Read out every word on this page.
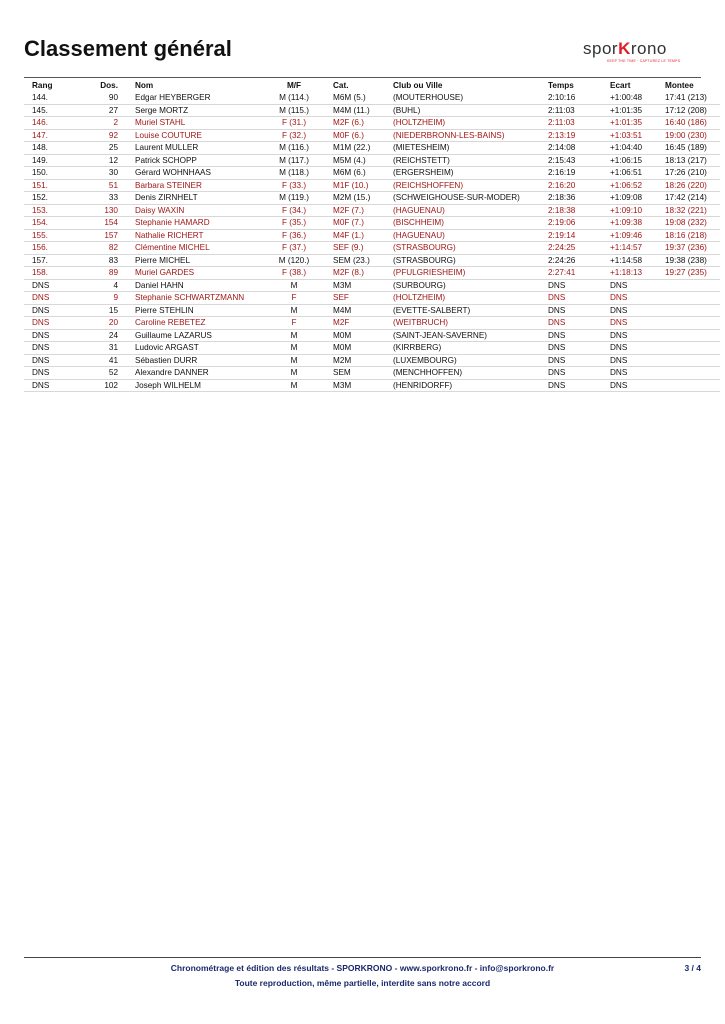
Classement général	sporKrono
KEEP THE TIME · CAPTUREZ LE TEMPS
Rang	Dos.	Nom	M/F	Cat.	Club ou Ville	Temps	Ecart	Montee
144.	90	Edgar HEYBERGER	M (114.)	M6M (5.)	(MOUTERHOUSE)	2:10:16	+1:00:48	17:41 (213)
145.	27	Serge MORTZ	M (115.)	M4M (11.)	(BUHL)	2:11:03	+1:01:35	17:12 (208)
146.	2	Muriel STAHL	F (31.)	M2F (6.)	(HOLTZHEIM)	2:11:03	+1:01:35	16:40 (186)
147.	92	Louise COUTURE	F (32.)	M0F (6.)	(NIEDERBRONN-LES-BAINS)	2:13:19	+1:03:51	19:00 (230)
148.	25	Laurent MULLER	M (116.)	M1M (22.)	(MIETESHEIM)	2:14:08	+1:04:40	16:45 (189)
149.	12	Patrick SCHOPP	M (117.)	M5M (4.)	(REICHSTETT)	2:15:43	+1:06:15	18:13 (217)
150.	30	Gérard WOHNHAAS	M (118.)	M6M (6.)	(ERGERSHEIM)	2:16:19	+1:06:51	17:26 (210)
151.	51	Barbara STEINER	F (33.)	M1F (10.)	(REICHSHOFFEN)	2:16:20	+1:06:52	18:26 (220)
152.	33	Denis ZIRNHELT	M (119.)	M2M (15.)	(SCHWEIGHOUSE-SUR-MODER)	2:18:36	+1:09:08	17:42 (214)
153.	130	Daisy WAXIN	F (34.)	M2F (7.)	(HAGUENAU)	2:18:38	+1:09:10	18:32 (221)
154.	154	Stephanie HAMARD	F (35.)	M0F (7.)	(BISCHHEIM)	2:19:06	+1:09:38	19:08 (232)
155.	157	Nathalie RICHERT	F (36.)	M4F (1.)	(HAGUENAU)	2:19:14	+1:09:46	18:16 (218)
156.	82	Clémentine MICHEL	F (37.)	SEF (9.)	(STRASBOURG)	2:24:25	+1:14:57	19:37 (236)
157.	83	Pierre MICHEL	M (120.)	SEM (23.)	(STRASBOURG)	2:24:26	+1:14:58	19:38 (238)
158.	89	Muriel GARDES	F (38.)	M2F (8.)	(PFULGRIESHEIM)	2:27:41	+1:18:13	19:27 (235)
DNS	4	Daniel HAHN	M	M3M	(SURBOURG)	DNS	DNS	
DNS	9	Stephanie SCHWARTZMANN	F	SEF	(HOLTZHEIM)	DNS	DNS	
DNS	15	Pierre STEHLIN	M	M4M	(EVETTE-SALBERT)	DNS	DNS	
DNS	20	Caroline REBETEZ	F	M2F	(WEITBRUCH)	DNS	DNS	
DNS	24	Guillaume LAZARUS	M	M0M	(SAINT-JEAN-SAVERNE)	DNS	DNS	
DNS	31	Ludovic ARGAST	M	M0M	(KIRRBERG)	DNS	DNS	
DNS	41	Sébastien DURR	M	M2M	(LUXEMBOURG)	DNS	DNS	
DNS	52	Alexandre DANNER	M	SEM	(MENCHHOFFEN)	DNS	DNS	
DNS	102	Joseph WILHELM	M	M3M	(HENRIDORFF)	DNS	DNS	
Chronométrage et édition des résultats - SPORKRONO - www.sporkrono.fr - info@sporkrono.fr
Toute reproduction, même partielle, interdite sans notre accord
3 / 4
